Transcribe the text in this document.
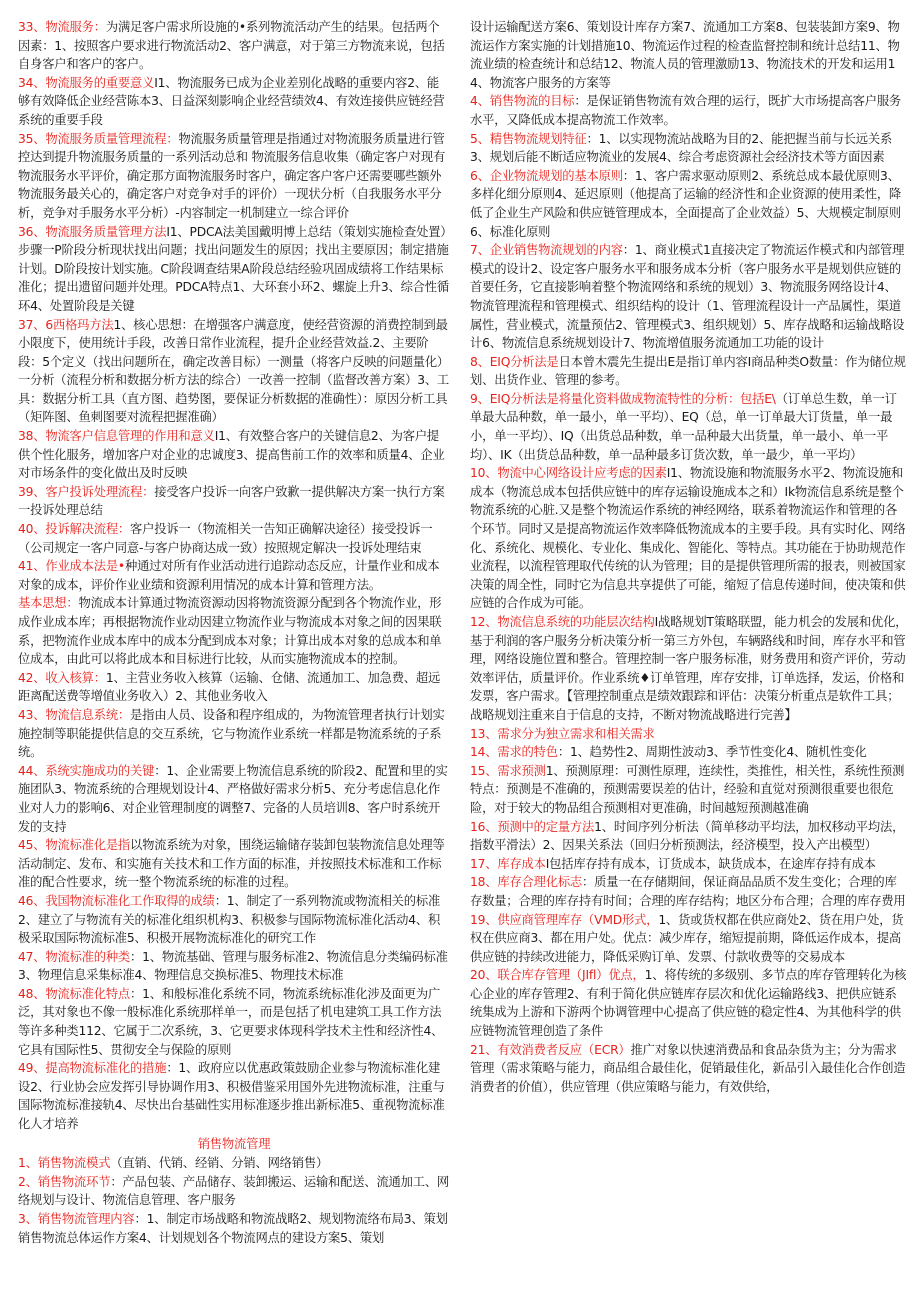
33、物流服务：为满足客户需求所设施的•系列物流活动产生的结果。包括两个因素：1、按照客户要求进行物流活动2、客户满意，对于第三方物流来说，包括自身客户和客户的客户。

34、物流服务的重要意义I1、物流服务已成为企业差别化战略的重要内容2、能够有效降低企业经营陈本3、日益深刻影响企业经营绩效4、有效连接供应链经营系统的重要手段

35、物流服务质量管理流程：物流服务质量管理是指通过对物流服务质量进行管控达到提升物流服务质量的一系列活动总和 物流服务信息收集（确定客户对现有物流服务水平评价，确定那方面物流服务时客户，确定客户客户还需要哪些额外物流服务最关心的，确定客户对竞争对手的评价）一现状分析（自我服务水平分析，竞争对手服务水平分析）-内容制定一机制建立一综合评价

36、物流服务质量管理方法I1、PDCA法美国戴明博上总结（策划实施检查处置）步骤一P阶段分析现状找出问题；找出问题发生的原因；找出主要原因；制定措施计划。D阶段按计划实施。C阶段调查结果A阶段总结经验巩固成绩将工作结果标准化；提出遗留问题并处理。PDCA特点1、大环套小环2、螺旋上升3、综合性循环4、处置阶段是关键

37、6西格玛方法1、核心思想：在增强客户满意度，使经营资源的消费控制到最小限度下，使用统计手段，改善日常作业流程，提升企业经营效益.2、主要阶段：5个定义（找出问题所在，确定改善目标）一测量（将客户反映的问题量化）一分析（流程分析和数据分析方法的综合）一改善一控制（监督改善方案）3、工具：数据分析工具（直方图、趋势图，要保证分析数据的准确性）：原因分析工具（矩阵图、鱼刺图要对流程把握准确）

38、物流客户信息管理的作用和意义I1、有效整合客户的关键信息2、为客户提供个性化服务，增加客户对企业的忠诚度3、提高售前工作的效率和质量4、企业对市场条件的变化做出及时反映

39、客户投诉处理流程：接受客户投诉一向客户致歉一提供解决方案一执行方案一投诉处理总结

40、投诉解决流程：客户投诉一（物流相关一告知正确解决途径）接受投诉一（公司规定一客户同意-与客户协商达成一致）按照规定解决一投诉处理结束

41、作业成本法是•种通过对所有作业活动进行追踪动态反应，计量作业和成本对象的成本，评价作业业绩和资源利用情况的成本计算和管理方法。

基本思想：物流成本计算通过物流资源动因将物流资源分配到各个物流作业，形成作业成本库；再根据物流作业动因建立物流作业与物流成本对象之间的因果联系，把物流作业成本库中的成本分配到成本对象；计算出成本对象的总成本和单位成本，由此可以将此成本和目标进行比较，从而实施物流成本的控制。

42、收入核算：1、主营业务收入核算（运输、仓储、流通加工、加急费、超远距离配送费等增值业务收入）2、其他业务收入

43、物流信息系统：是指由人员、设备和程序组成的，为物流管理者执行计划实施控制等职能提供信息的交互系统，它与物流作业系统一样都是物流系统的子系统。

44、系统实施成功的关键：1、企业需要上物流信息系统的阶段2、配置和里的实施团队3、物流系统的合理规划设计4、严格做好需求分析5、充分考虑信息化作业对人力的影响6、对企业管理制度的调整7、完备的人员培训8、客户时系统开发的支持

45、物流标准化是指以物流系统为对象，围绕运输储存装卸包装物流信息处理等活动制定、发布、和实施有关技术和工作方面的标准，并按照技术标准和工作标准的配合性要求，统一整个物流系统的标准的过程。

46、我国物流标准化工作取得的成绩：1、制定了一系列物流或物流相关的标准2、建立了与物流有关的标准化组织机构3、积极参与国际物流标准化活动4、积极采取国际物流标准5、积极开展物流标准化的研究工作

47、物流标准的种类：1、物流基础、管理与服务标准2、物流信息分类编码标准3、物理信息采集标准4、物理信息交换标准5、物理技术标准

48、物流标准化特点：1、和般标准化系统不同，物流系统标准化涉及面更为广泛，其对象也不像一般标准化系统那样单一，而是包括了机电建筑工具工作方法等许多种类112、它属于二次系统，3、它更要求体现科学技术主性和经济性4、它具有国际性5、贯彻安全与保险的原则

49、提高物流标准化的措施：1、政府应以优惠政策鼓励企业参与物流标准化建设2、行业协会应发挥引导协调作用3、积极借鉴采用国外先进物流标准，注重与国际物流标准接轨4、尽快出台基础性实用标准逐步推出新标准5、重视物流标准化人才培养

销售物流管理

1、销售物流模式（直销、代销、经销、分销、网络销售）

2、销售物流环节：产品包装、产品储存、装卸搬运、运输和配送、流通加工、网络规划与设计、物流信息管理、客户服务

3、销售物流管理内容：1、制定市场战略和物流战略2、规划物流络布局3、策划销售物流总体运作方案4、计划规划各个物流网点的建设方案5、策划

设计运输配送方案6、策划设计库存方案7、流通加工方案8、包装装卸方案9、物流运作方案实施的计划措施10、物流运作过程的检查监督控制和统计总结11、物流业绩的检查统计和总结12、物流人员的管理激励13、物流技术的开发和运用14、物流客户服务的方案等

4、销售物流的目标：是保证销售物流有效合理的运行，既扩大市场提高客户服务水平，又降低成本提高物流工作效率。

5、精售物流规划特征：1、以实现物流站战略为目的2、能把握当前与长远关系3、规划后能不断适应物流业的发展4、综合考虑资源社会经济技术等方面因素

6、企业物流规划的基本原则：1、客户需求驱动原则2、系统总成本最优原则3、多样化细分原则4、延迟原则（他提高了运输的经济性和企业资源的使用柔性，降低了企业生产风险和供应链管理成本，全面提高了企业效益）5、大规模定制原则6、标准化原则

7、企业销售物流规划的内容：1、商业模式1直接决定了物流运作模式和内部管理模式的设计2、设定客户服务水平和服务成本分析（客户服务水平是规划供应链的首要任务，它直接影响着整个物流网络和系统的规划）3、物流服务网络设计4、物流管理流程和管理模式、组织结构的设计（1、管理流程设计一产品属性，渠道属性，营业模式，流量预估2、管理模式3、组织规划）5、库存战略和运输战略设计6、物流信息系统规划设计7、物流增值服务流通加工功能的设计

8、EIQ分析法是日本曾木震先生提出E是指订单内容I商品种类O数量：作为储位规划、出货作业、管理的参考。

9、EIQ分析法是将量化资料做成物流特性的分析：包括E\（订单总生数，单一订单最大品种数，单一最小，单一平均）、EQ（总，单一订单最大订货量，单一最小，单一平均）、IQ（出货总品种数，单一品种最大出货量，单一最小、单一平均）、IK（出货总品种数，单一品种最多订货次数，单一最少，单一平均）

10、物流中心网络设计应考虑的因素I1、物流设施和物流服务水平2、物流设施和成本（物流总成本包括供应链中的库存运输设施成本之和）Ik物流信息系统是整个物流系统的心脏.又是整个物流运作系统的神经网络，联系着物流运作和管理的各个环节。同时又是提高物流运作效率降低物流成本的主要手段。具有实时化、网络化、系统化、规模化、专业化、集成化、智能化、等特点。其功能在于协助规范作业流程，以流程管理取代传统的认为管理；目的是提供管理所需的报表，则被国家决策的周全性，同时它为信息共享提供了可能，缩短了信息传递时间，使决策和供应链的合作成为可能。

12、物流信息系统的功能层次结构I战略规划T策略联盟，能力机会的发展和优化，基于利润的客户服务分析决策分析一第三方外包，车辆路线和时间，库存水平和管理，网络设施位置和整合。管理控制一客户服务标准，财务费用和资产评价，劳动效率评估，质量评价。作业系统♦订单管理，库存安排，订单选择，发运，价格和发票，客户需求。【管理控制重点是绩效跟踪和评估：决策分析重点是软件工具；战略规划注重来自于信息的支持，不断对物流战略进行完善】

13、需求分为独立需求和相关需求

14、需求的特色：1、趋势性2、周期性波动3、季节性变化4、随机性变化

15、需求预测1、预测原理：可测性原理，连续性，类推性，相关性，系统性预测特点：预测是不准确的，预测需要误差的估计，经验和直觉对预测很重要也很危险，对于较大的物品组合预测相对更准确，时间越短预测越准确

16、预测中的定量方法1、时间序列分析法（简单移动平均法，加权移动平均法，指数平滑法）2、因果关系法（回归分析预测法，经济模型，投入产出模型）

17、库存成本I包括库存持有成本，订货成本，缺货成本，在途库存持有成本

18、库存合理化标志：质量一在存储期间，保证商品品质不发生变化；合理的库存数量；合理的库存持有时间；合理的库存结构；地区分布合理；合理的库存费用

19、供应商管理库存（VMD形式，1、货或货权都在供应商处2、货在用户处，货权在供应商3、都在用户处。优点：减少库存，缩短提前期，降低运作成本，提高供应链的持续改进能力，降低采购订单、发票、付款收费等的交易成本

20、联合库存管理（JIfl）优点，1、将传统的多级别、多节点的库存管理转化为核心企业的库存管理2、有利于简化供应链库存层次和优化运输路线3、把供应链系统集成为上游和下游两个协调管理中心提高了供应链的稳定性4、为其他科学的供应链物流管理创造了条件

21、有效消费者反应（ECR）推广对象以快速消费品和食品杂货为主；分为需求管理（需求策略与能力，商品组合最佳化，促销最佳化，新品引入最佳化合作创造消费者的价值），供应管理（供应策略与能力，有效供给，
